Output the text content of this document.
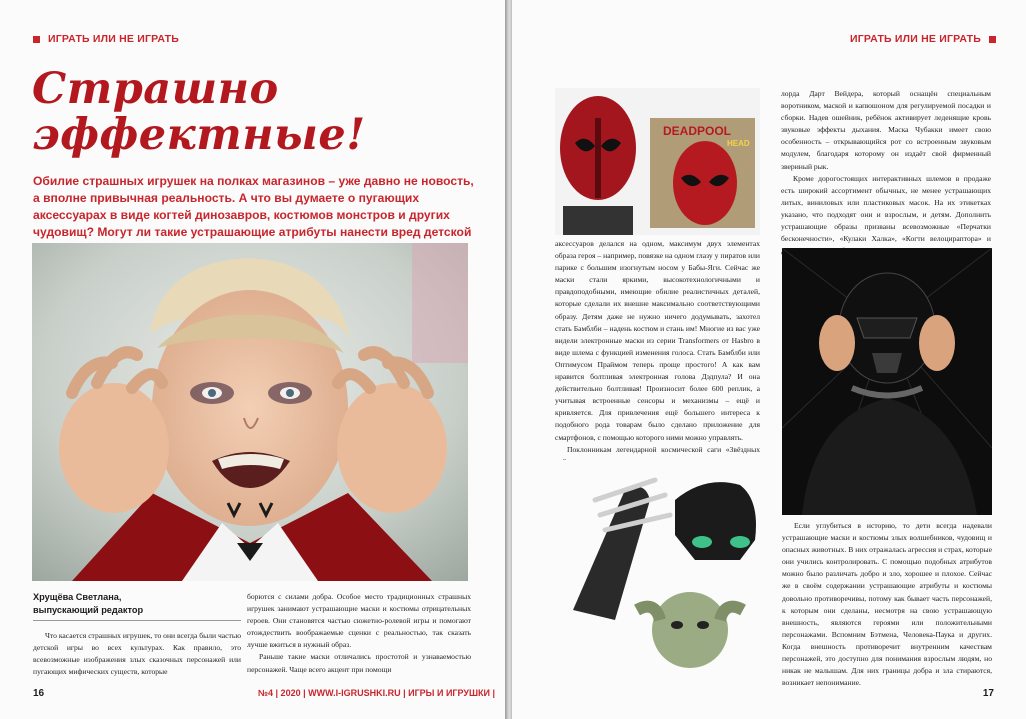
ИГРАТЬ ИЛИ НЕ ИГРАТЬ
Страшно
эффектные!
Обилие страшных игрушек на полках магазинов – уже давно не новость, а вполне привычная реальность. А что вы думаете о пугающих аксессуарах в виде когтей динозавров, костюмов монстров и других чудовищ? Могут ли такие устрашающие атрибуты нанести вред детской
Хрущёва Светлана,
выпускающий редактор

Что касается страшных игрушек, то они всегда были частью детской игры во всех культурах. Как правило, это всевозможные изображения злых сказочных персонажей или пугающих мифических существ, которые

борются с силами добра. Особое место традиционных страшных игрушек занимают устрашающие маски и костюмы отрицательных героев. Они становятся частью сюжетно-ролевой игры и помогают отождествить воображаемые сценки с реальностью, так сказать лучше вжиться в нужный образ.

Раньше такие маски отличались простотой и узнаваемостью персонажей. Чаще всего акцент при помощи

16	№4 | 2020 | WWW.I-IGRUSHKI.RU | ИГРЫ И ИГРУШКИ |
ИГРАТЬ ИЛИ НЕ ИГРАТЬ
DEADPOOL
HEAD

аксессуаров делался на одном, максимум двух элементах образа героя – например, повязке на одном глазу у пиратов или парике с большим изогнутым носом у Бабы-Яги. Сейчас же маски стали яркими, высокотехнологичными и правдоподобными, имеющие обилие реалистичных деталей, которые сделали их внешне максимально соответствующими образу. Детям даже не нужно ничего додумывать, захотел стать Бамблби – надень костюм и стань им! Многие из вас уже видели электронные маски из серии Transformers от Hasbro в виде шлема с функцией изменения голоса. Стать Бамблби или Оптимусом Праймом теперь проще простого! А как вам нравится болтливая электронная голова Дэдпула? И она действительно болтливая! Произносит более 600 реплик, а учитывая встроенные сенсоры и механизмы – ещё и кривляется. Для привлечения ещё большего интереса к подобного рода товарам было сделано приложение для смартфонов, с помощью которого ними можно управлять.

Поклонникам легендарной космической саги «Звёздных

лорда Дарт Вейдера, который оснащён специальным воротником, маской и капюшоном для регулируемой посадки и сборки. Надев ошейник, ребёнок активирует леденящие кровь звуковые эффекты дыхания. Маска Чубакки имеет свою особенность – открывающийся рот со встроенным звуковым модулем, благодаря которому он издаёт свой фирменный звериный рык.

Кроме дорогостоящих интерактивных шлемов в продаже есть широкий ассортимент обычных, не менее устрашающих литых, виниловых или пластиковых масок. На их этикетках указано, что подходят они и взрослым, и детям. Дополнить устрашающие образы призваны всевозможные «Перчатки бесконечности», «Кулаки Халка», «Когти велоцираптора» и

Если углубиться в историю, то дети всегда надевали устрашающие маски и костюмы злых волшебников, чудовищ и опасных животных. В них отражалась агрессия и страх, которые они учились контролировать. С помощью подобных атрибутов можно было различать добро и зло, хорошее и плохое. Сейчас же в своём содержании устрашающие атрибуты и костюмы довольно противоречивы, потому как бывает часть персонажей, к которым они сделаны, несмотря на свою устрашающую внешность, являются героями или положительными персонажами. Вспомним Бэтмена, Человека-Паука и других. Когда внешность противоречит внутренним качествам персонажей, это доступно для понимания взрослым людям, но никак не малышам. Для них границы добра и зла стираются, возникает непонимание.

17
